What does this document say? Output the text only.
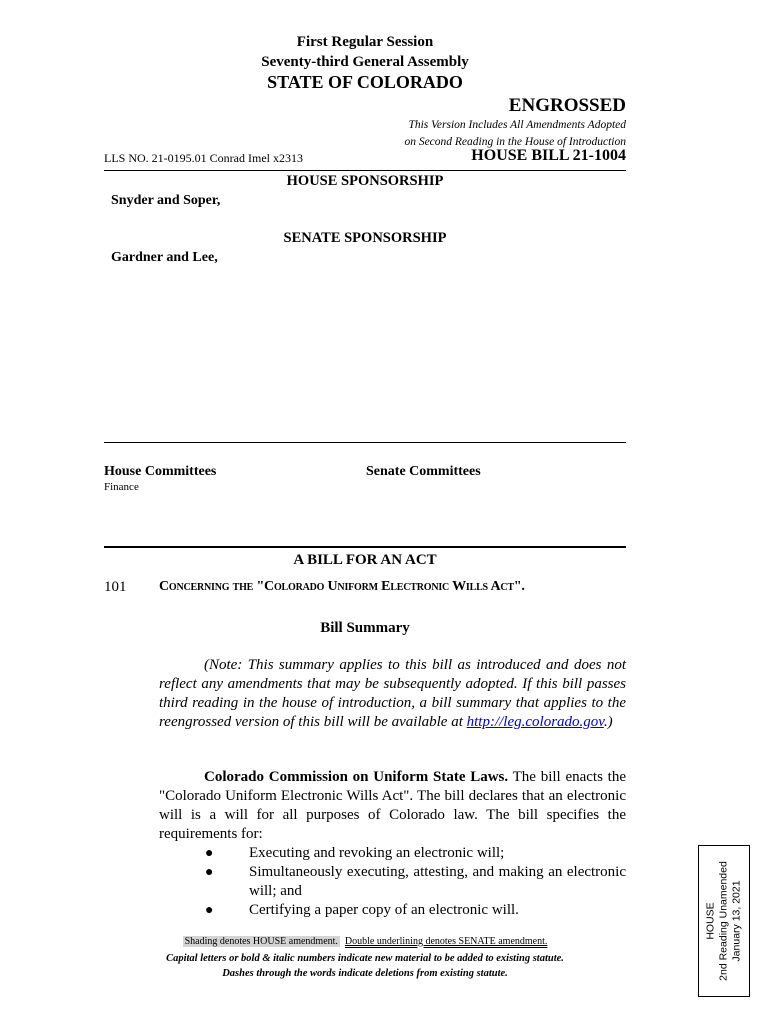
First Regular Session
Seventy-third General Assembly
STATE OF COLORADO
ENGROSSED
This Version Includes All Amendments Adopted
on Second Reading in the House of Introduction
LLS NO. 21-0195.01 Conrad Imel x2313	HOUSE BILL 21-1004
HOUSE SPONSORSHIP
Snyder and Soper,
SENATE SPONSORSHIP
Gardner and Lee,
House Committees
Finance
Senate Committees
A BILL FOR AN ACT
101 Concerning the "Colorado Uniform Electronic Wills Act".
Bill Summary
(Note: This summary applies to this bill as introduced and does not reflect any amendments that may be subsequently adopted. If this bill passes third reading in the house of introduction, a bill summary that applies to the reengrossed version of this bill will be available at http://leg.colorado.gov.)

Colorado Commission on Uniform State Laws. The bill enacts the "Colorado Uniform Electronic Wills Act". The bill declares that an electronic will is a will for all purposes of Colorado law. The bill specifies the requirements for:

●	Executing and revoking an electronic will;
●	Simultaneously executing, attesting, and making an electronic will; and
●	Certifying a paper copy of an electronic will.
Shading denotes HOUSE amendment. Double underlining denotes SENATE amendment.
Capital letters or bold & italic numbers indicate new material to be added to existing statute.
Dashes through the words indicate deletions from existing statute.
HOUSE 2nd Reading Unamended January 13, 2021
